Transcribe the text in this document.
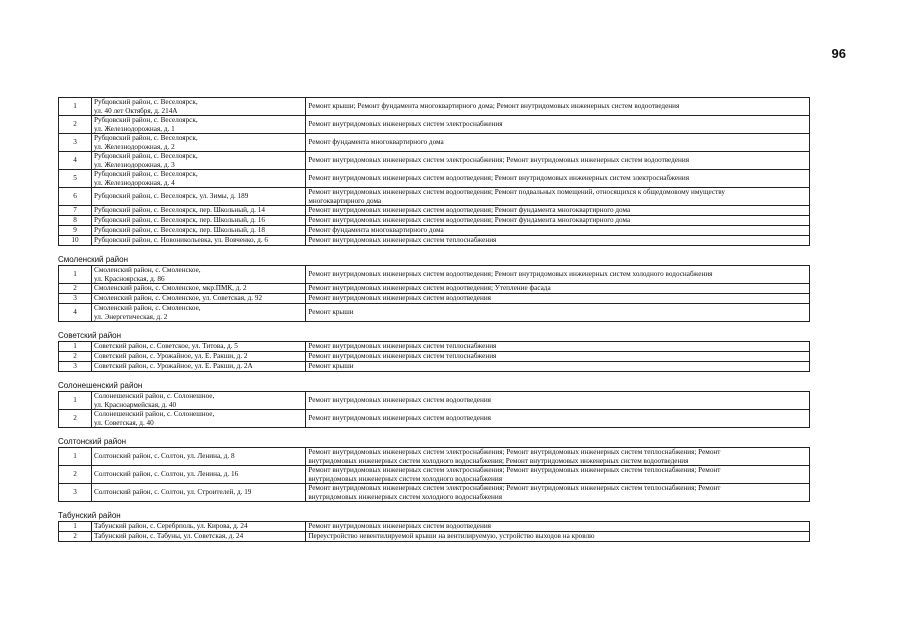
96
1	Рубцовский район, с. Веселоярск,
ул. 40 лет Октября, д. 214А	Ремонт крыши; Ремонт фундамента многоквартирного дома; Ремонт внутридомовых инженерных систем водоотведения

2	Рубцовский район, с. Веселоярск,
ул. Железнодорожная, д. 1	Ремонт внутридомовых инженерных систем электроснабжения

3	Рубцовский район, с. Веселоярск,
ул. Железнодорожная, д. 2	Ремонт фундамента многоквартирного дома

4	Рубцовский район, с. Веселоярск,
ул. Железнодорожная, д. 3	Ремонт внутридомовых инженерных систем электроснабжения; Ремонт внутридомовых инженерных систем водоотведения

5	Рубцовский район, с. Веселоярск,
ул. Железнодорожная, д. 4	Ремонт внутридомовых инженерных систем водоотведения; Ремонт внутридомовых инженерных систем электроснабжения

6	Рубцовский район, с. Веселоярск, ул. Зимы, д. 189	Ремонт внутридомовых инженерных систем водоотведения; Ремонт подвальных помещений, относящихся к общедомовому имуществу
многоквартирного дома

7	Рубцовский район, с. Веселоярск, пер. Школьный, д. 14	Ремонт внутридомовых инженерных систем водоотведения; Ремонт фундамента многоквартирного дома

8	Рубцовский район, с. Веселоярск, пер. Школьный, д. 16	Ремонт внутридомовых инженерных систем водоотведения; Ремонт фундамента многоквартирного дома

9	Рубцовский район, с. Веселоярск, пер. Школьный, д. 18	Ремонт фундамента многоквартирного дома

10	Рубцовский район, с. Новоникольевка, ул. Вовченко, д. 6	Ремонт внутридомовых инженерных систем теплоснабжения
Смоленский район
1	Смоленский район, с. Смоленское,
ул. Красноярская, д. 86	Ремонт внутридомовых инженерных систем водоотведения; Ремонт внутридомовых инженерных систем холодного водоснабжения

2	Смоленский район, с. Смоленское, мкр.ПМК, д. 2	Ремонт внутридомовых инженерных систем водоотведения; Утепление фасада

3	Смоленский район, с. Смоленское, ул. Советская, д. 92	Ремонт внутридомовых инженерных систем водоотведения

4	Смоленский район, с. Смоленское,
ул. Энергетическая, д. 2	Ремонт крыши
Советский район
1	Советский район, с. Советское, ул. Титова, д. 5	Ремонт внутридомовых инженерных систем теплоснабжения

2	Советский район, с. Урожайное, ул. Е. Ракши, д. 2	Ремонт внутридомовых инженерных систем теплоснабжения

3	Советский район, с. Урожайное, ул. Е. Ракши, д. 2А	Ремонт крыши
Солонешенский район
1	Солонешенский район, с. Солонешное,
ул. Красноармейская, д. 40	Ремонт внутридомовых инженерных систем водоотведения

2	Солонешенский район, с. Солонешное,
ул. Советская, д. 40	Ремонт внутридомовых инженерных систем водоотведения
Солтонский район
1	Солтонский район, с. Солтон, ул. Ленина, д. 8	Ремонт внутридомовых инженерных систем электроснабжения; Ремонт внутридомовых инженерных систем теплоснабжения; Ремонт
внутридомовых инженерных систем холодного водоснабжения; Ремонт внутридомовых инженерных систем водоотведения

2	Солтонский район, с. Солтон, ул. Ленина, д. 16	Ремонт внутридомовых инженерных систем электроснабжения; Ремонт внутридомовых инженерных систем теплоснабжения; Ремонт
внутридомовых инженерных систем холодного водоснабжения

3	Солтонский район, с. Солтон, ул. Строителей, д. 19	Ремонт внутридомовых инженерных систем электроснабжения; Ремонт внутридомовых инженерных систем теплоснабжения; Ремонт
внутридомовых инженерных систем холодного водоснабжения
Табунский район
1	Табунский район, с. Серебрполь, ул. Кирова, д. 24	Ремонт внутридомовых инженерных систем водоотведения

2	Табунский район, с. Табуны, ул. Советская, д. 24	Переустройство невентилируемой крыши на вентилируемую, устройство выходов на кровлю
